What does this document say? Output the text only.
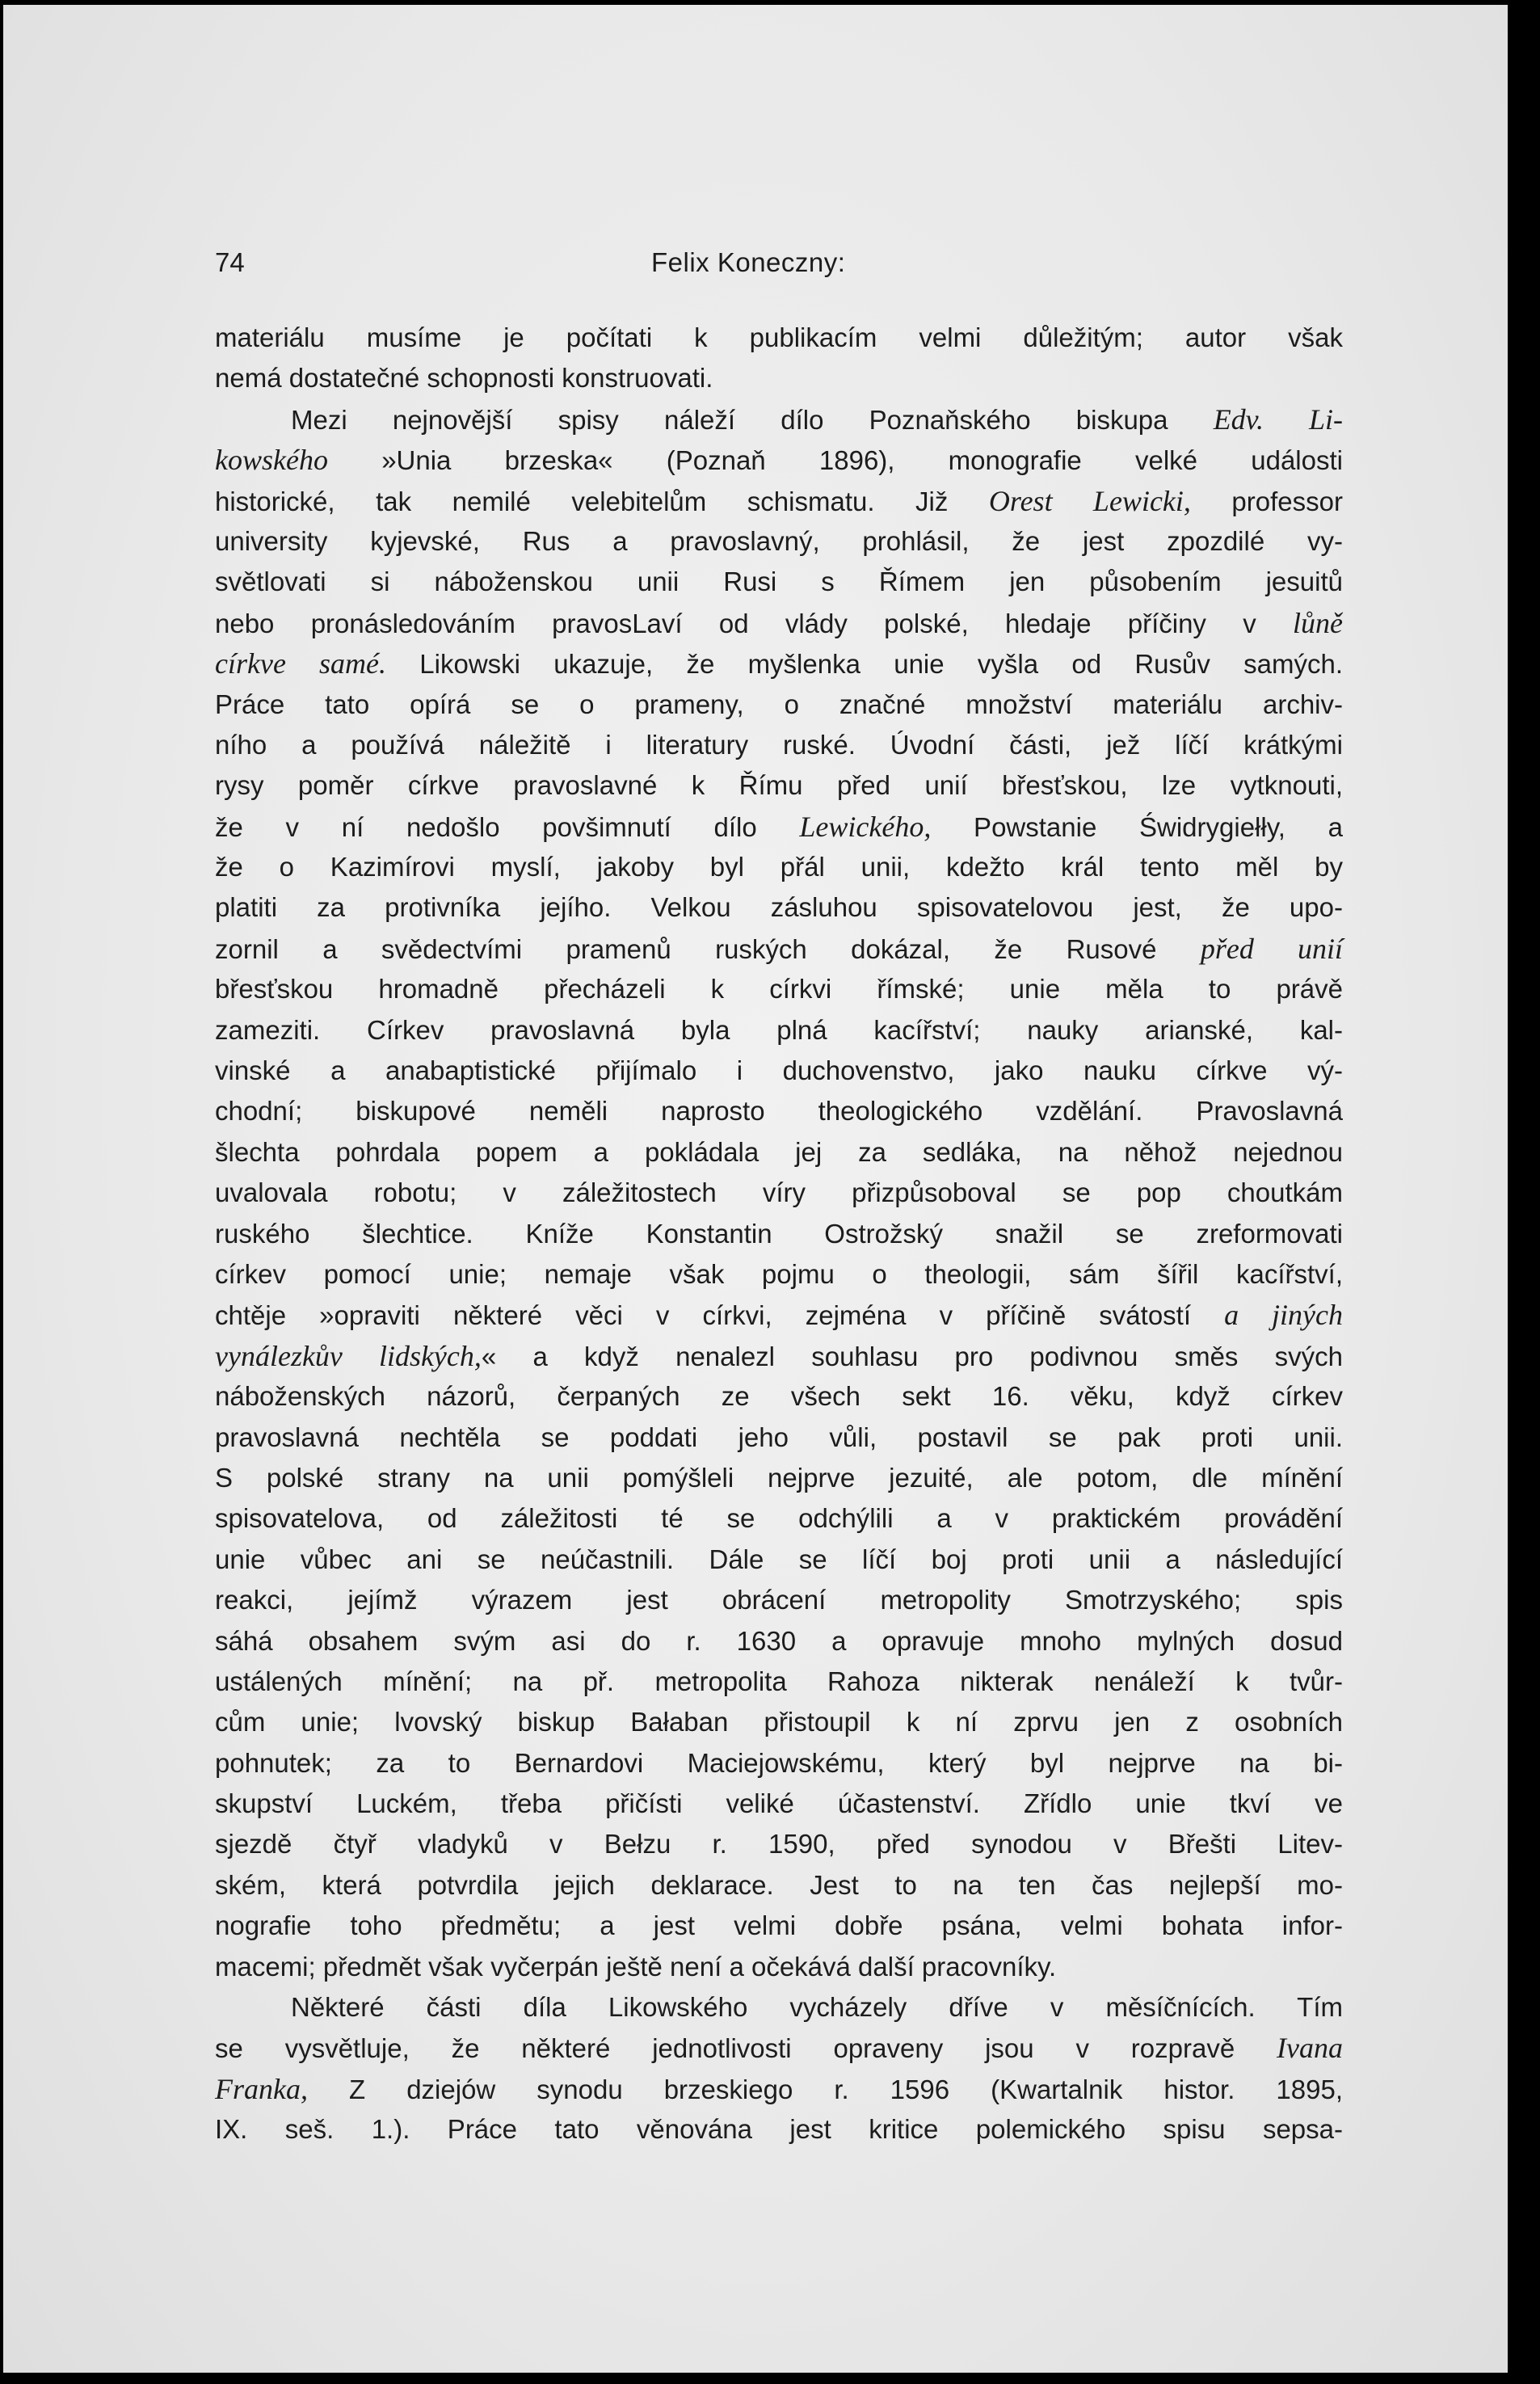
74	Felix Koneczny:
materiálu musíme je počítati k publikacím velmi důležitým; autor však
nemá dostatečné schopnosti konstruovati.
Mezi nejnovější spisy náleží dílo Poznaňského biskupa Edv. Li-
kowského »Unia brzeska« (Poznaň 1896), monografie velké události
historické, tak nemilé velebitelům schismatu. Již Orest Lewicki, professor
university kyjevské, Rus a pravoslavný, prohlásil, že jest zpozdilé vy-
světlovati si náboženskou unii Rusi s Římem jen působením jesuitů
nebo pronásledováním pravosLaví od vlády polské, hledaje příčiny v lůně
církve samé. Likowski ukazuje, že myšlenka unie vyšla od Rusův samých.
Práce tato opírá se o prameny, o značné množství materiálu archiv-
ního a používá náležitě i literatury ruské. Úvodní části, jež líčí krátkými
rysy poměr církve pravoslavné k Římu před unií břesťskou, lze vytknouti,
že v ní nedošlo povšimnutí dílo Lewického, Powstanie Świdrygiełły, a
že o Kazimírovi myslí, jakoby byl přál unii, kdežto král tento měl by
platiti za protivníka jejího. Velkou zásluhou spisovatelovou jest, že upo-
zornil a svědectvími pramenů ruských dokázal, že Rusové před unií
břesťskou hromadně přecházeli k církvi římské; unie měla to právě
zameziti. Církev pravoslavná byla plná kacířství; nauky arianské, kal-
vinské a anabaptistické přijímalo i duchovenstvo, jako nauku církve vý-
chodní; biskupové neměli naprosto theologického vzdělání. Pravoslavná
šlechta pohrdala popem a pokládala jej za sedláka, na něhož nejednou
uvalovala robotu; v záležitostech víry přizpůsoboval se pop choutkám
ruského šlechtice. Kníže Konstantin Ostrožský snažil se zreformovati
církev pomocí unie; nemaje však pojmu o theologii, sám šířil kacířství,
chtěje »opraviti některé věci v církvi, zejména v příčině svátostí a jiných
vynálezkův lidských,« a když nenalezl souhlasu pro podivnou směs svých
náboženských názorů, čerpaných ze všech sekt 16. věku, když církev
pravoslavná nechtěla se poddati jeho vůli, postavil se pak proti unii.
S polské strany na unii pomýšleli nejprve jezuité, ale potom, dle mínění
spisovatelova, od záležitosti té se odchýlili a v praktickém provádění
unie vůbec ani se neúčastnili. Dále se líčí boj proti unii a následující
reakci, jejímž výrazem jest obrácení metropolity Smotrzyského; spis
sáhá obsahem svým asi do r. 1630 a opravuje mnoho mylných dosud
ustálených mínění; na př. metropolita Rahoza nikterak nenáleží k tvůr-
cům unie; lvovský biskup Bałaban přistoupil k ní zprvu jen z osobních
pohnutek; za to Bernardovi Maciejowskému, který byl nejprve na bi-
skupství Luckém, třeba přičísti veliké účastenství. Zřídlo unie tkví ve
sjezdě čtyř vladyků v Bełzu r. 1590, před synodou v Břešti Litev-
ském, která potvrdila jejich deklarace. Jest to na ten čas nejlepší mo-
nografie toho předmětu; a jest velmi dobře psána, velmi bohata infor-
macemi; předmět však vyčerpán ještě není a očekává další pracovníky.
Některé části díla Likowského vycházely dříve v měsíčnících. Tím
se vysvětluje, že některé jednotlivosti opraveny jsou v rozpravě Ivana
Franka, Z dziejów synodu brzeskiego r. 1596 (Kwartalnik histor. 1895,
IX. seš. 1.). Práce tato věnována jest kritice polemického spisu sepsa-
